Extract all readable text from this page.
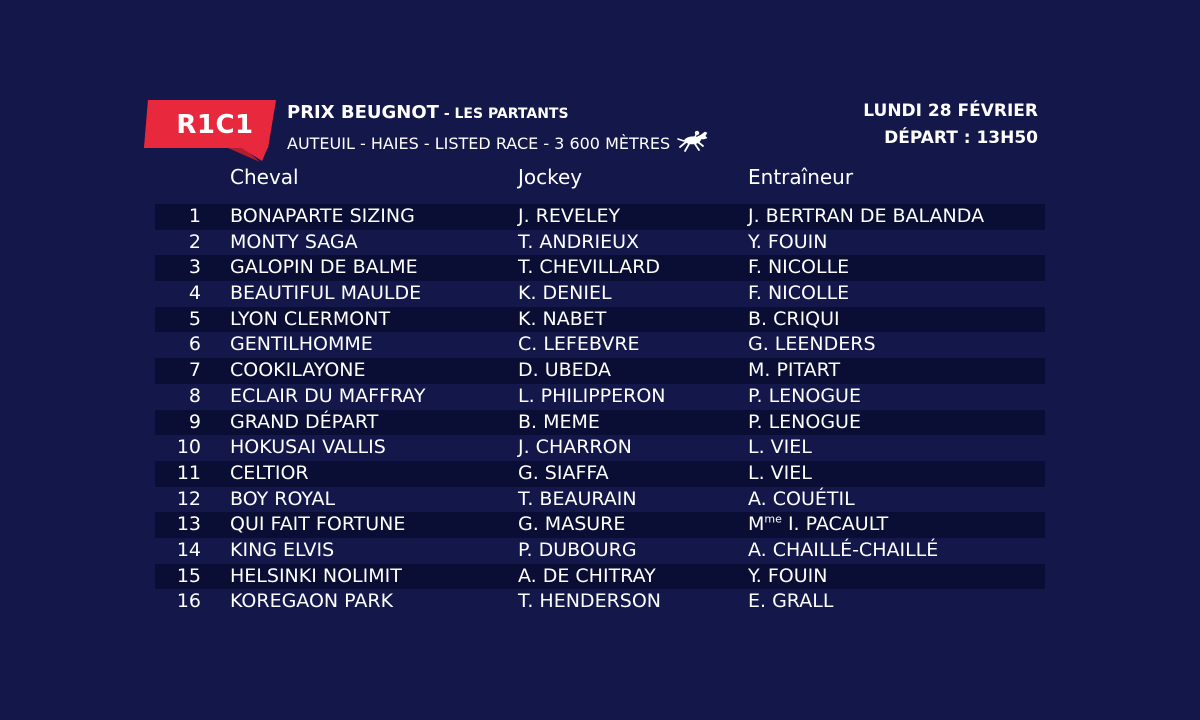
R1C1 PRIX BEUGNOT - LES PARTANTS
AUTEUIL - HAIES - LISTED RACE - 3 600 MÈTRES
LUNDI 28 FÉVRIER
DÉPART : 13H50
Cheval	Jockey	Entraîneur
1 BONAPARTE SIZING	J. REVELEY	J. BERTRAN DE BALANDA
2 MONTY SAGA	T. ANDRIEUX	Y. FOUIN
3 GALOPIN DE BALME	T. CHEVILLARD	F. NICOLLE
4 BEAUTIFUL MAULDE	K. DENIEL	F. NICOLLE
5 LYON CLERMONT	K. NABET	B. CRIQUI
6 GENTILHOMME	C. LEFEBVRE	G. LEENDERS
7 COOKILAYONE	D. UBEDA	M. PITART
8 ECLAIR DU MAFFRAY	L. PHILIPPERON	P. LENOGUE
9 GRAND DÉPART	B. MEME	P. LENOGUE
10 HOKUSAI VALLIS	J. CHARRON	L. VIEL
11 CELTIOR	G. SIAFFA	L. VIEL
12 BOY ROYAL	T. BEAURAIN	A. COUÉTIL
13 QUI FAIT FORTUNE	G. MASURE	$M^{me}$ I. PACAULT
14 KING ELVIS	P. DUBOURG	A. CHAILLÉ-CHAILLÉ
15 HELSINKI NOLIMIT	A. DE CHITRAY	Y. FOUIN
16 KOREGAON PARK	T. HENDERSON	E. GRALL
